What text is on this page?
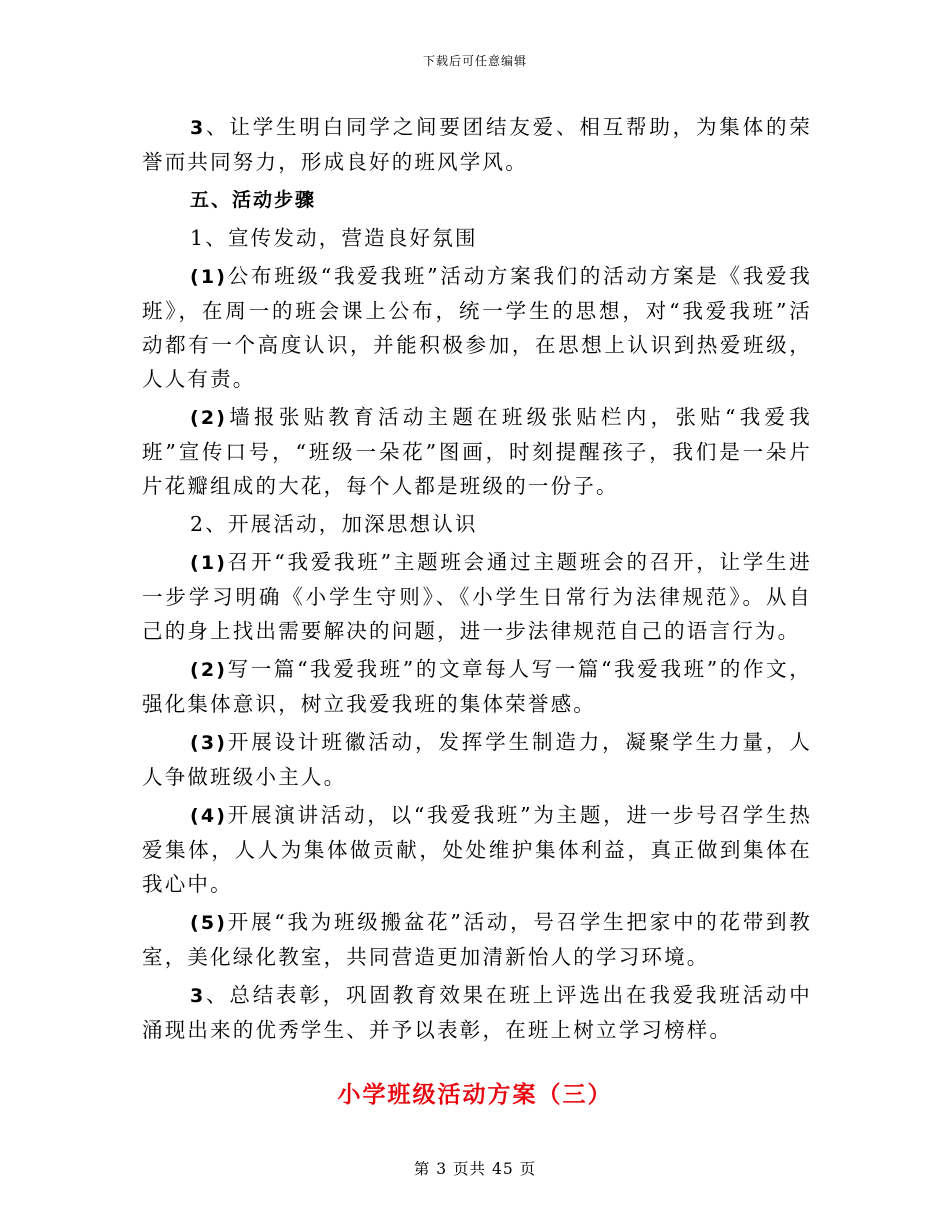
下载后可任意编辑

3、让学生明白同学之间要团结友爱、相互帮助，为集体的荣誉而共同努力，形成良好的班风学风。

五、活动步骤

1、宣传发动，营造良好氛围

(1)公布班级“我爱我班”活动方案我们的活动方案是《我爱我班》，在周一的班会课上公布，统一学生的思想，对“我爱我班”活动都有一个高度认识，并能积极参加，在思想上认识到热爱班级，人人有责。

(2)墙报张贴教育活动主题在班级张贴栏内，张贴“我爱我班”宣传口号，“班级一朵花”图画，时刻提醒孩子，我们是一朵片片花瓣组成的大花，每个人都是班级的一份子。

2、开展活动，加深思想认识

(1)召开“我爱我班”主题班会通过主题班会的召开，让学生进一步学习明确《小学生守则》、《小学生日常行为法律规范》。从自己的身上找出需要解决的问题，进一步法律规范自己的语言行为。

(2)写一篇“我爱我班”的文章每人写一篇“我爱我班”的作文，强化集体意识，树立我爱我班的集体荣誉感。

(3)开展设计班徽活动，发挥学生制造力，凝聚学生力量，人人争做班级小主人。

(4)开展演讲活动，以“我爱我班”为主题，进一步号召学生热爱集体，人人为集体做贡献，处处维护集体利益，真正做到集体在我心中。

(5)开展“我为班级搬盆花”活动，号召学生把家中的花带到教室，美化绿化教室，共同营造更加清新怡人的学习环境。

3、总结表彰，巩固教育效果在班上评选出在我爱我班活动中涌现出来的优秀学生、并予以表彰，在班上树立学习榜样。

小学班级活动方案（三）
第 3 页共 45 页
